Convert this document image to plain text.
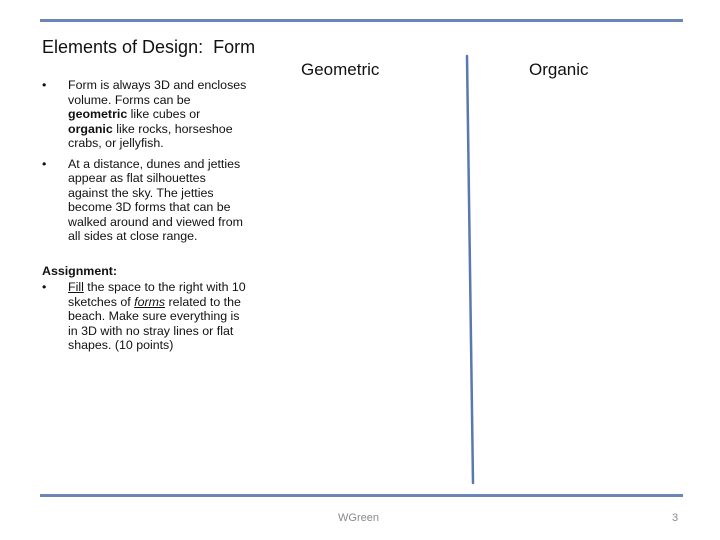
Elements of Design:  Form
•	Form is always 3D and encloses volume. Forms can be geometric like cubes or organic like rocks, horseshoe crabs, or jellyfish.
•	At a distance, dunes and jetties appear as flat silhouettes against the sky. The jetties become 3D forms that can be walked around and viewed from all sides at close range.
Assignment:
•	Fill the space to the right with 10 sketches of forms related to the beach. Make sure everything is in 3D with no stray lines or flat shapes. (10 points)
Geometric	Organic
WGreen	3
